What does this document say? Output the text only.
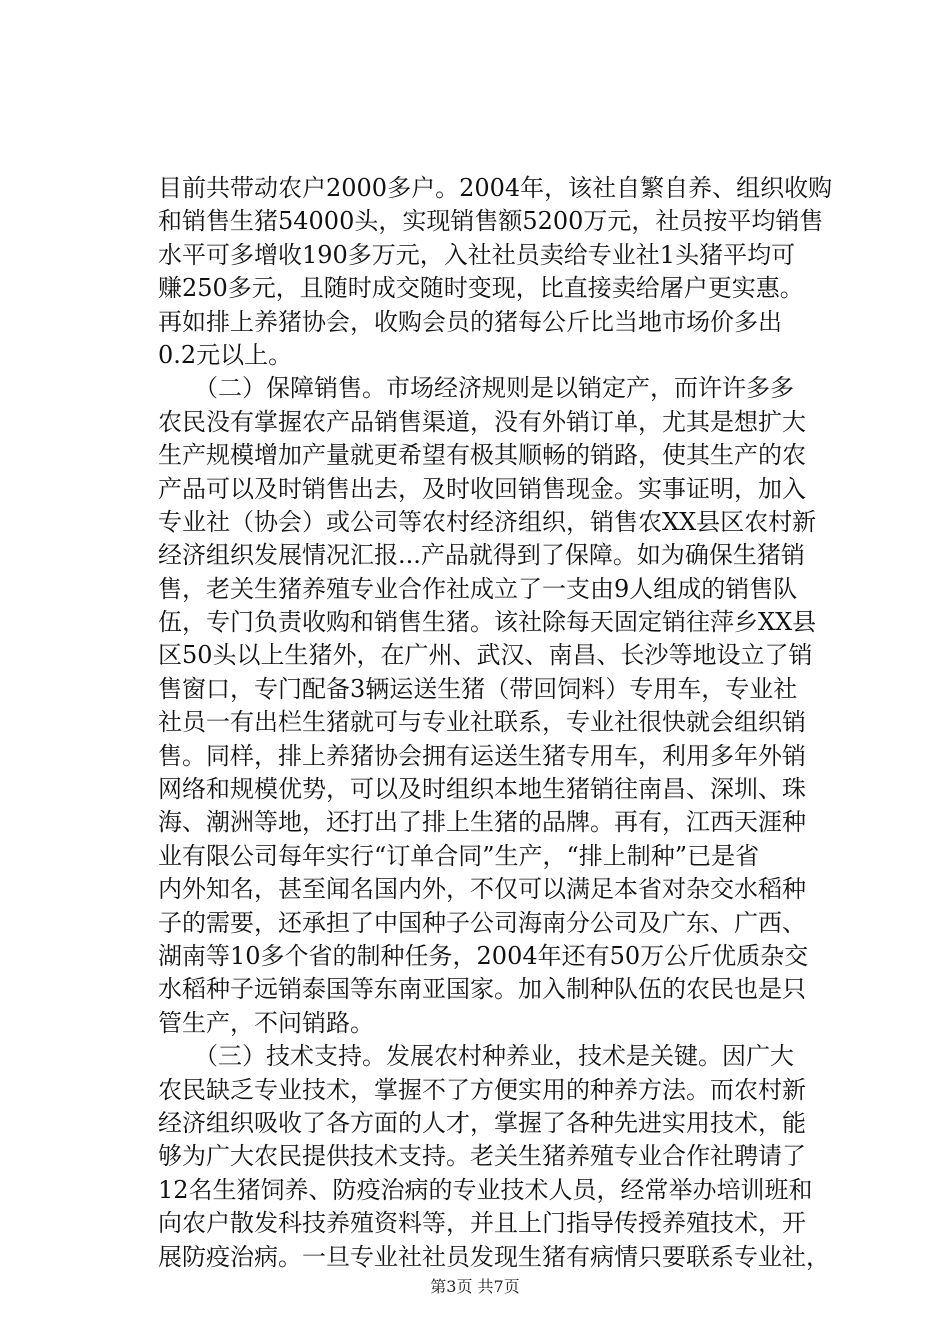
目前共带动农户2000多户。2004年，该社自繁自养、组织收购
和销售生猪54000头，实现销售额5200万元，社员按平均销售
水平可多增收190多万元，入社社员卖给专业社1头猪平均可
赚250多元，且随时成交随时变现，比直接卖给屠户更实惠。
再如排上养猪协会，收购会员的猪每公斤比当地市场价多出
0.2元以上。
（二）保障销售。市场经济规则是以销定产，而许许多多
农民没有掌握农产品销售渠道，没有外销订单，尤其是想扩大
生产规模增加产量就更希望有极其顺畅的销路，使其生产的农
产品可以及时销售出去，及时收回销售现金。实事证明，加入
专业社（协会）或公司等农村经济组织，销售农XX县区农村新
经济组织发展情况汇报...产品就得到了保障。如为确保生猪销
售，老关生猪养殖专业合作社成立了一支由9人组成的销售队
伍，专门负责收购和销售生猪。该社除每天固定销往萍乡XX县
区50头以上生猪外，在广州、武汉、南昌、长沙等地设立了销
售窗口，专门配备3辆运送生猪（带回饲料）专用车，专业社
社员一有出栏生猪就可与专业社联系，专业社很快就会组织销
售。同样，排上养猪协会拥有运送生猪专用车，利用多年外销
网络和规模优势，可以及时组织本地生猪销往南昌、深圳、珠
海、潮洲等地，还打出了排上生猪的品牌。再有，江西天涯种
业有限公司每年实行“订单合同”生产，“排上制种”已是省
内外知名，甚至闻名国内外，不仅可以满足本省对杂交水稻种
子的需要，还承担了中国种子公司海南分公司及广东、广西、
湖南等10多个省的制种任务，2004年还有50万公斤优质杂交
水稻种子远销泰国等东南亚国家。加入制种队伍的农民也是只
管生产，不问销路。
（三）技术支持。发展农村种养业，技术是关键。因广大
农民缺乏专业技术，掌握不了方便实用的种养方法。而农村新
经济组织吸收了各方面的人才，掌握了各种先进实用技术，能
够为广大农民提供技术支持。老关生猪养殖专业合作社聘请了
12名生猪饲养、防疫治病的专业技术人员，经常举办培训班和
向农户散发科技养殖资料等，并且上门指导传授养殖技术，开
展防疫治病。一旦专业社社员发现生猪有病情只要联系专业社，
第3页 共7页
